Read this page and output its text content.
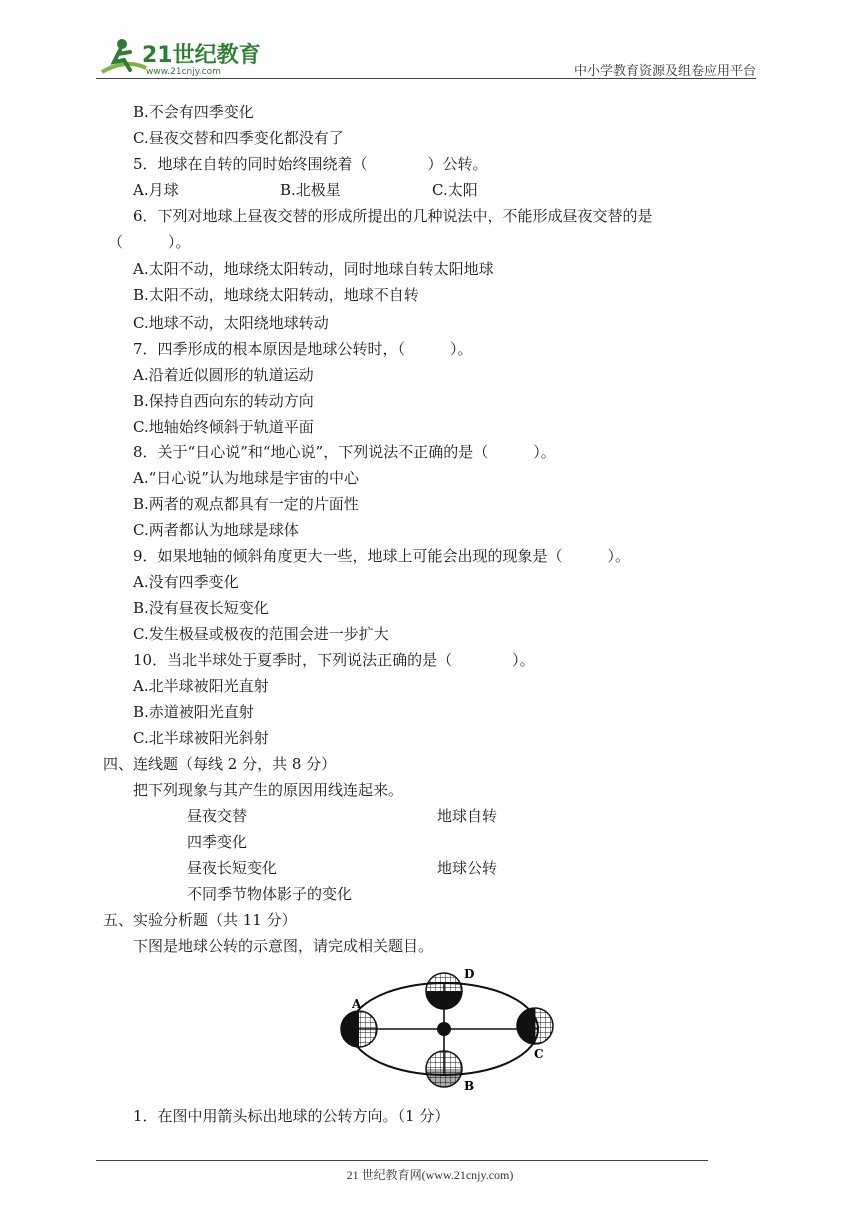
21世纪教育
www.21cnjy.com	中小学教育资源及组卷应用平台
B.不会有四季变化
C.昼夜交替和四季变化都没有了
5．地球在自转的同时始终围绕着（　　　　）公转。
A.月球	B.北极星	C.太阳
6．下列对地球上昼夜交替的形成所提出的几种说法中，不能形成昼夜交替的是
（　　　）。
A.太阳不动，地球绕太阳转动，同时地球自转太阳地球
B.太阳不动，地球绕太阳转动，地球不自转
C.地球不动，太阳绕地球转动
7．四季形成的根本原因是地球公转时，（　　　）。
A.沿着近似圆形的轨道运动
B.保持自西向东的转动方向
C.地轴始终倾斜于轨道平面
8．关于“日心说”和“地心说”，下列说法不正确的是（　　　）。
A.“日心说”认为地球是宇宙的中心
B.两者的观点都具有一定的片面性
C.两者都认为地球是球体
9．如果地轴的倾斜角度更大一些，地球上可能会出现的现象是（　　　）。
A.没有四季变化
B.没有昼夜长短变化
C.发生极昼或极夜的范围会进一步扩大
10．当北半球处于夏季时，下列说法正确的是（　　　　）。
A.北半球被阳光直射
B.赤道被阳光直射
C.北半球被阳光斜射
四、连线题（每线 2 分，共 8 分）
把下列现象与其产生的原因用线连起来。
昼夜交替	地球自转
四季变化
昼夜长短变化	地球公转
不同季节物体影子的变化
五、实验分析题（共 11 分）
下图是地球公转的示意图，请完成相关题目。
A
B
C
D
1．在图中用箭头标出地球的公转方向。（1 分）
21 世纪教育网(www.21cnjy.com)
